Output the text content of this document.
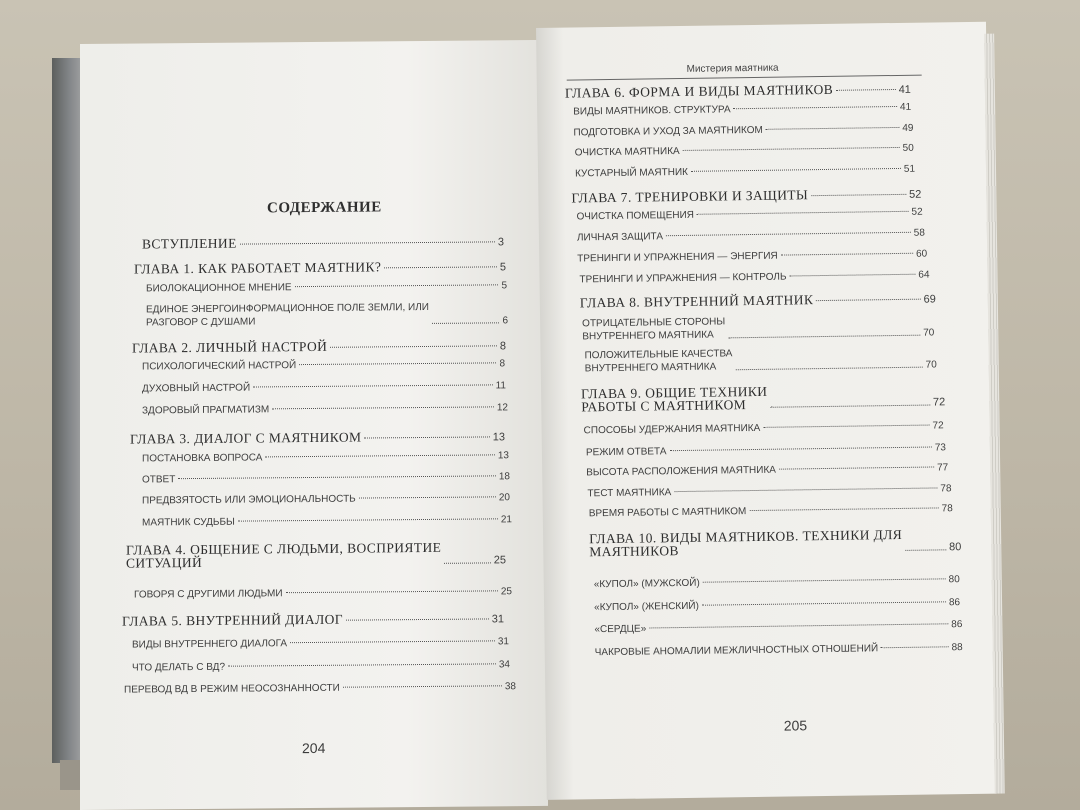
СОДЕРЖАНИЕ
ВСТУПЛЕНИЕ	3
ГЛАВА 1. КАК РАБОТАЕТ МАЯТНИК?	5
БИОЛОКАЦИОННОЕ МНЕНИЕ	5
ЕДИНОЕ ЭНЕРГОИНФОРМАЦИОННОЕ ПОЛЕ ЗЕМЛИ, ИЛИ
РАЗГОВОР С ДУШАМИ	6
ГЛАВА 2. ЛИЧНЫЙ НАСТРОЙ	8
ПСИХОЛОГИЧЕСКИЙ НАСТРОЙ	8
ДУХОВНЫЙ НАСТРОЙ	11
ЗДОРОВЫЙ ПРАГМАТИЗМ	12
ГЛАВА 3. ДИАЛОГ С МАЯТНИКОМ	13
ПОСТАНОВКА ВОПРОСА	13
ОТВЕТ	18
ПРЕДВЗЯТОСТЬ ИЛИ ЭМОЦИОНАЛЬНОСТЬ	20
МАЯТНИК СУДЬБЫ	21
ГЛАВА 4. ОБЩЕНИЕ С ЛЮДЬМИ, ВОСПРИЯТИЕ
СИТУАЦИЙ	25
ГОВОРЯ С ДРУГИМИ ЛЮДЬМИ	25
ГЛАВА 5. ВНУТРЕННИЙ ДИАЛОГ	31
ВИДЫ ВНУТРЕННЕГО ДИАЛОГА	31
ЧТО ДЕЛАТЬ С ВД?	34
ПЕРЕВОД ВД В РЕЖИМ НЕОСОЗНАННОСТИ	38
204
Мистерия маятника
ГЛАВА 6. ФОРМА И ВИДЫ МАЯТНИКОВ	41
ВИДЫ МАЯТНИКОВ. СТРУКТУРА	41
ПОДГОТОВКА И УХОД ЗА МАЯТНИКОМ	49
ОЧИСТКА МАЯТНИКА	50
КУСТАРНЫЙ МАЯТНИК	51
ГЛАВА 7. ТРЕНИРОВКИ И ЗАЩИТЫ	52
ОЧИСТКА ПОМЕЩЕНИЯ	52
ЛИЧНАЯ ЗАЩИТА	58
ТРЕНИНГИ И УПРАЖНЕНИЯ — ЭНЕРГИЯ	60
ТРЕНИНГИ И УПРАЖНЕНИЯ — КОНТРОЛЬ	64
ГЛАВА 8. ВНУТРЕННИЙ МАЯТНИК	69
ОТРИЦАТЕЛЬНЫЕ СТОРОНЫ
ВНУТРЕННЕГО МАЯТНИКА	70
ПОЛОЖИТЕЛЬНЫЕ КАЧЕСТВА
ВНУТРЕННЕГО МАЯТНИКА	70
ГЛАВА 9. ОБЩИЕ ТЕХНИКИ
РАБОТЫ С МАЯТНИКОМ	72
СПОСОБЫ УДЕРЖАНИЯ МАЯТНИКА	72
РЕЖИМ ОТВЕТА	73
ВЫСОТА РАСПОЛОЖЕНИЯ МАЯТНИКА	77
ТЕСТ МАЯТНИКА	78
ВРЕМЯ РАБОТЫ С МАЯТНИКОМ	78
ГЛАВА 10. ВИДЫ МАЯТНИКОВ. ТЕХНИКИ ДЛЯ
МАЯТНИКОВ	80
«КУПОЛ» (МУЖСКОЙ)	80
«КУПОЛ» (ЖЕНСКИЙ)	86
«СЕРДЦЕ»	86
ЧАКРОВЫЕ АНОМАЛИИ МЕЖЛИЧНОСТНЫХ ОТНОШЕНИЙ	88
205
